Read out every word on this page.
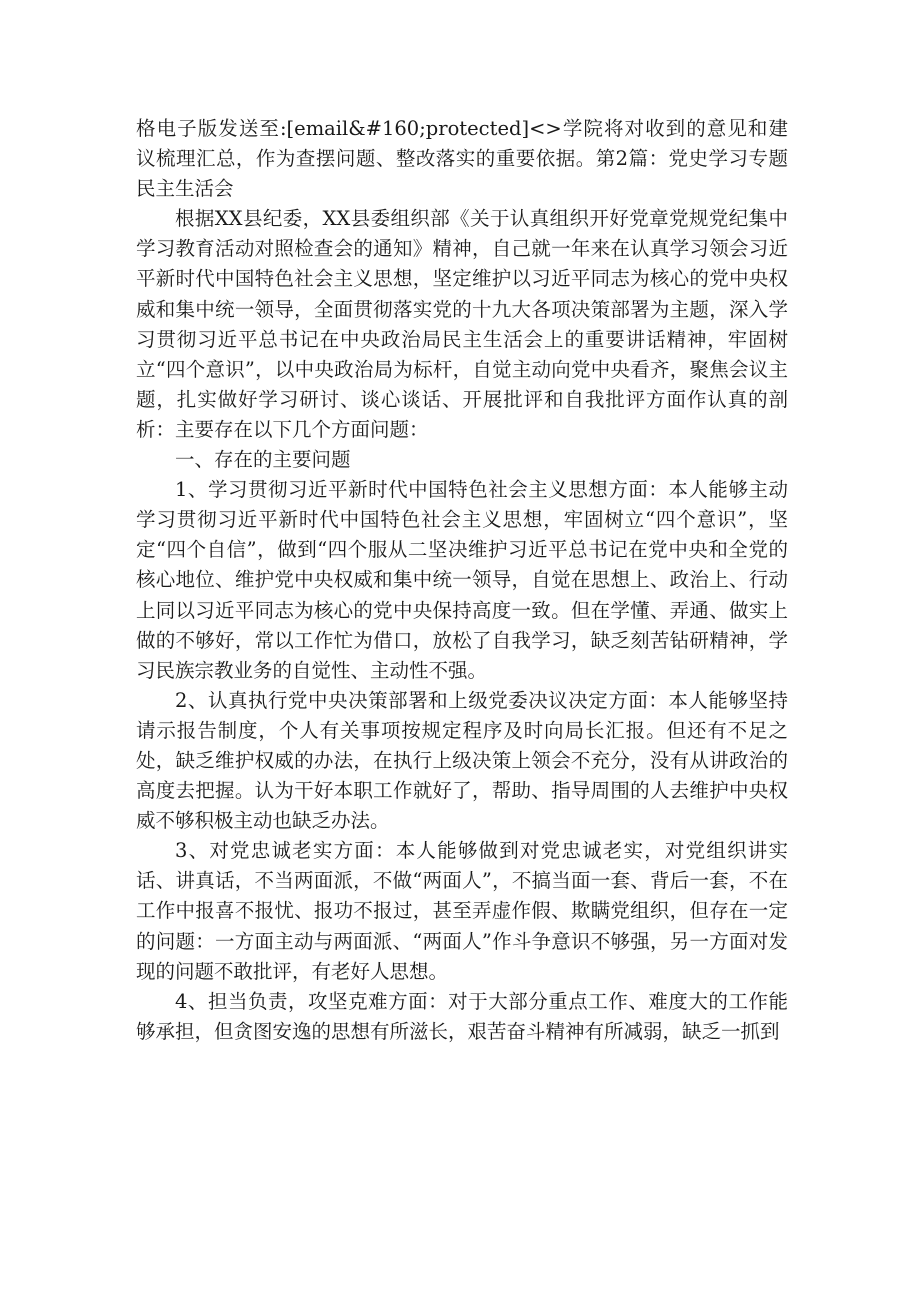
格电子版发送至:[email&#160;protected]<>学院将对收到的意见和建议梳理汇总，作为查摆问题、整改落实的重要依据。第2篇：党史学习专题民主生活会

根据XX县纪委，XX县委组织部《关于认真组织开好党章党规党纪集中学习教育活动对照检查会的通知》精神，自己就一年来在认真学习领会习近平新时代中国特色社会主义思想，坚定维护以习近平同志为核心的党中央权威和集中统一领导，全面贯彻落实党的十九大各项决策部署为主题，深入学习贯彻习近平总书记在中央政治局民主生活会上的重要讲话精神，牢固树立“四个意识”，以中央政治局为标杆，自觉主动向党中央看齐，聚焦会议主题，扎实做好学习研讨、谈心谈话、开展批评和自我批评方面作认真的剖析：主要存在以下几个方面问题：

一、存在的主要问题

1、学习贯彻习近平新时代中国特色社会主义思想方面：本人能够主动学习贯彻习近平新时代中国特色社会主义思想，牢固树立“四个意识”，坚定“四个自信”，做到“四个服从二坚决维护习近平总书记在党中央和全党的核心地位、维护党中央权威和集中统一领导，自觉在思想上、政治上、行动上同以习近平同志为核心的党中央保持高度一致。但在学懂、弄通、做实上做的不够好，常以工作忙为借口，放松了自我学习，缺乏刻苦钻研精神，学习民族宗教业务的自觉性、主动性不强。

2、认真执行党中央决策部署和上级党委决议决定方面：本人能够坚持请示报告制度，个人有关事项按规定程序及时向局长汇报。但还有不足之处，缺乏维护权威的办法，在执行上级决策上领会不充分，没有从讲政治的高度去把握。认为干好本职工作就好了，帮助、指导周围的人去维护中央权威不够积极主动也缺乏办法。

3、对党忠诚老实方面：本人能够做到对党忠诚老实，对党组织讲实话、讲真话，不当两面派，不做“两面人”，不搞当面一套、背后一套，不在工作中报喜不报忧、报功不报过，甚至弄虚作假、欺瞒党组织，但存在一定的问题：一方面主动与两面派、“两面人”作斗争意识不够强，另一方面对发现的问题不敢批评，有老好人思想。

4、担当负责，攻坚克难方面：对于大部分重点工作、难度大的工作能够承担，但贪图安逸的思想有所滋长，艰苦奋斗精神有所减弱，缺乏一抓到
